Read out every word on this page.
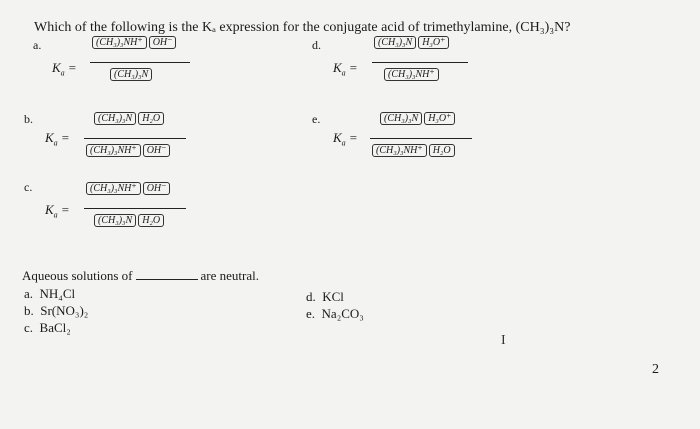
Which of the following is the Kₐ expression for the conjugate acid of trimethylamine, (CH₃)₃N?
a.
$K_a$ =
(CH₃)₃NH⁺ OH⁻
(CH₃)₃N
d.
$K_a$ =
(CH₃)₃N H₃O⁺
(CH₃)₃NH⁺
b.
$K_a$ =
(CH₃)₃N H₂O
(CH₃)₃NH⁺ OH⁻
e.
$K_a$ =
(CH₃)₃N H₃O⁺
(CH₃)₃NH⁺ H₂O
c.
$K_a$ =
(CH₃)₃NH⁺ OH⁻
(CH₃)₃N H₂O
Aqueous solutions of	are neutral.
a. NH₄Cl
b. Sr(NO₃)₂
c. BaCl₂
d. KCl
e. Na₂CO₃
I
2
